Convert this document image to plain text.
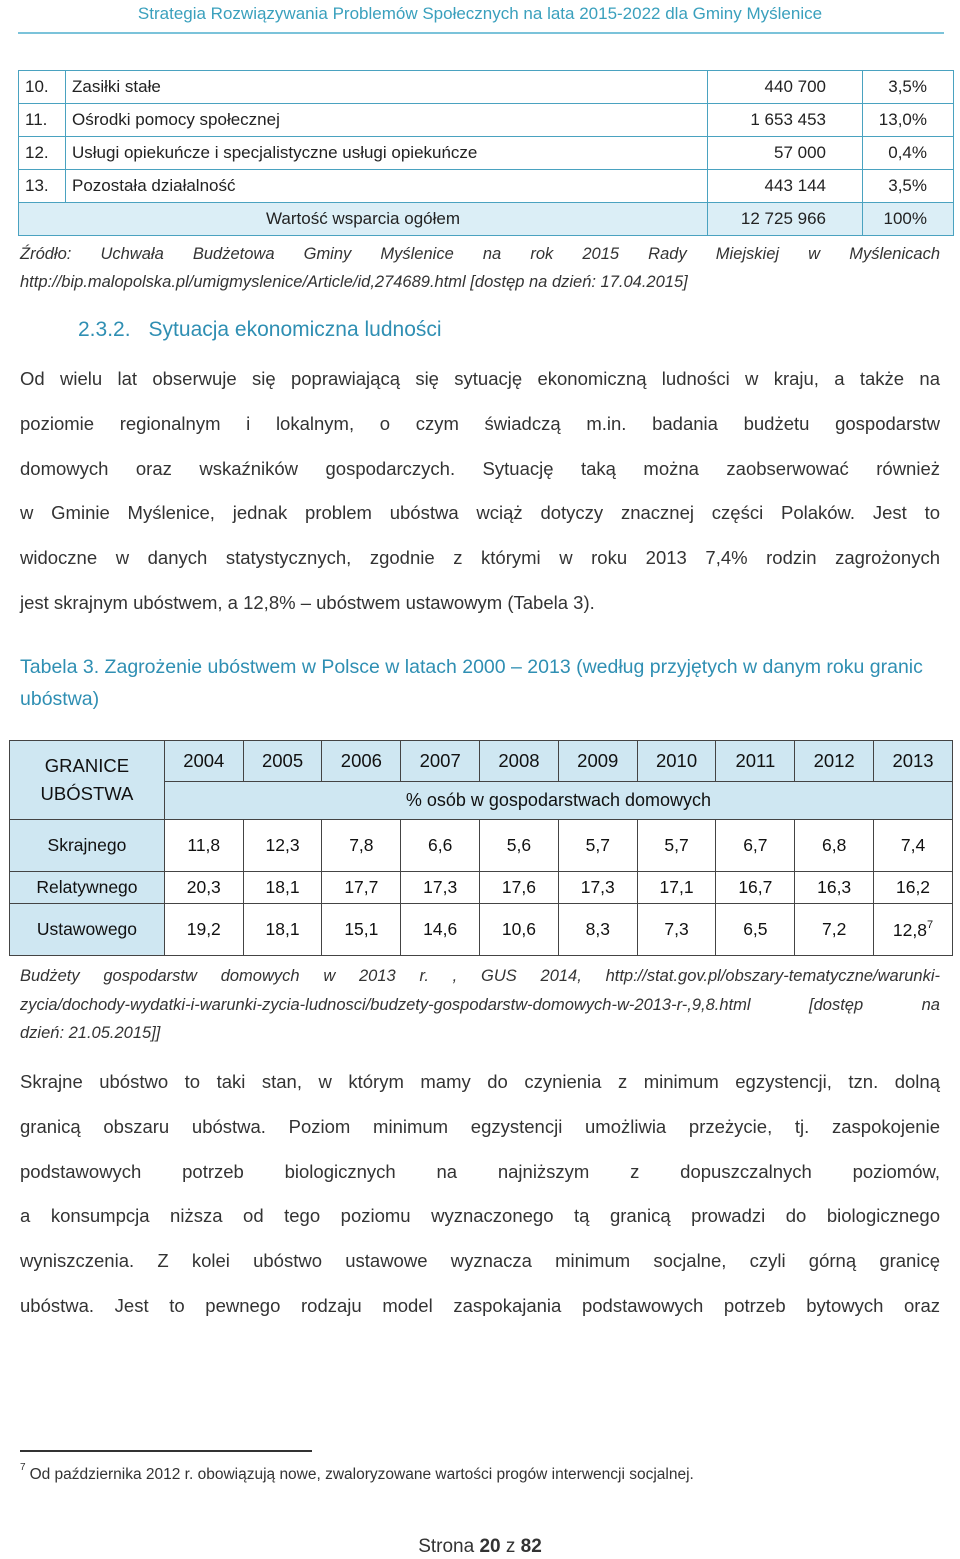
Strategia Rozwiązywania Problemów Społecznych na lata 2015-2022 dla Gminy Myślenice
10.	Zasiłki stałe	440 700	3,5%
11.	Ośrodki pomocy społecznej	1 653 453	13,0%
12.	Usługi opiekuńcze i specjalistyczne usługi opiekuńcze	57 000	0,4%
13.	Pozostała działalność	443 144	3,5%
Wartość wsparcia ogółem		12 725 966	100%
Źródło: Uchwała Budżetowa Gminy Myślenice na rok 2015 Rady Miejskiej w Myślenicach
http://bip.malopolska.pl/umigmyslenice/Article/id,274689.html [dostęp na dzień: 17.04.2015]
2.3.2. Sytuacja ekonomiczna ludności
Od wielu lat obserwuje się poprawiającą się sytuację ekonomiczną ludności w kraju, a także na
poziomie regionalnym i lokalnym, o czym świadczą m.in. badania budżetu gospodarstw
domowych oraz wskaźników gospodarczych. Sytuację taką można zaobserwować również
w Gminie Myślenice, jednak problem ubóstwa wciąż dotyczy znacznej części Polaków. Jest to
widoczne w danych statystycznych, zgodnie z którymi w roku 2013 7,4% rodzin zagrożonych
jest skrajnym ubóstwem, a 12,8% – ubóstwem ustawowym (Tabela 3).
Tabela 3. Zagrożenie ubóstwem w Polsce w latach 2000 – 2013 (według przyjętych w danym roku granic ubóstwa)
GRANICE UBÓSTWA	2004	2005	2006	2007	2008	2009	2010	2011	2012	2013
	% osób w gospodarstwach domowych									
Skrajnego	11,8	12,3	7,8	6,6	5,6	5,7	5,7	6,7	6,8	7,4
Relatywnego	20,3	18,1	17,7	17,3	17,6	17,3	17,1	16,7	16,3	16,2
Ustawowego	19,2	18,1	15,1	14,6	10,6	8,3	7,3	6,5	7,2	12,8$^7$
Budżety gospodarstw domowych w 2013 r. , GUS 2014, http://stat.gov.pl/obszary-tematyczne/warunki-
zycia/dochody-wydatki-i-warunki-zycia-ludnosci/budzety-gospodarstw-domowych-w-2013-r-,9,8.html [dostęp na
dzień: 21.05.2015]]
Skrajne ubóstwo to taki stan, w którym mamy do czynienia z minimum egzystencji, tzn. dolną
granicą obszaru ubóstwa. Poziom minimum egzystencji umożliwia przeżycie, tj. zaspokojenie
podstawowych potrzeb biologicznych na najniższym z dopuszczalnych poziomów,
a konsumpcja niższa od tego poziomu wyznaczonego tą granicą prowadzi do biologicznego
wyniszczenia. Z kolei ubóstwo ustawowe wyznacza minimum socjalne, czyli górną granicę
ubóstwa. Jest to pewnego rodzaju model zaspokajania podstawowych potrzeb bytowych oraz
$^7$ Od października 2012 r. obowiązują nowe, zwaloryzowane wartości progów interwencji socjalnej.
Strona 20 z 82
